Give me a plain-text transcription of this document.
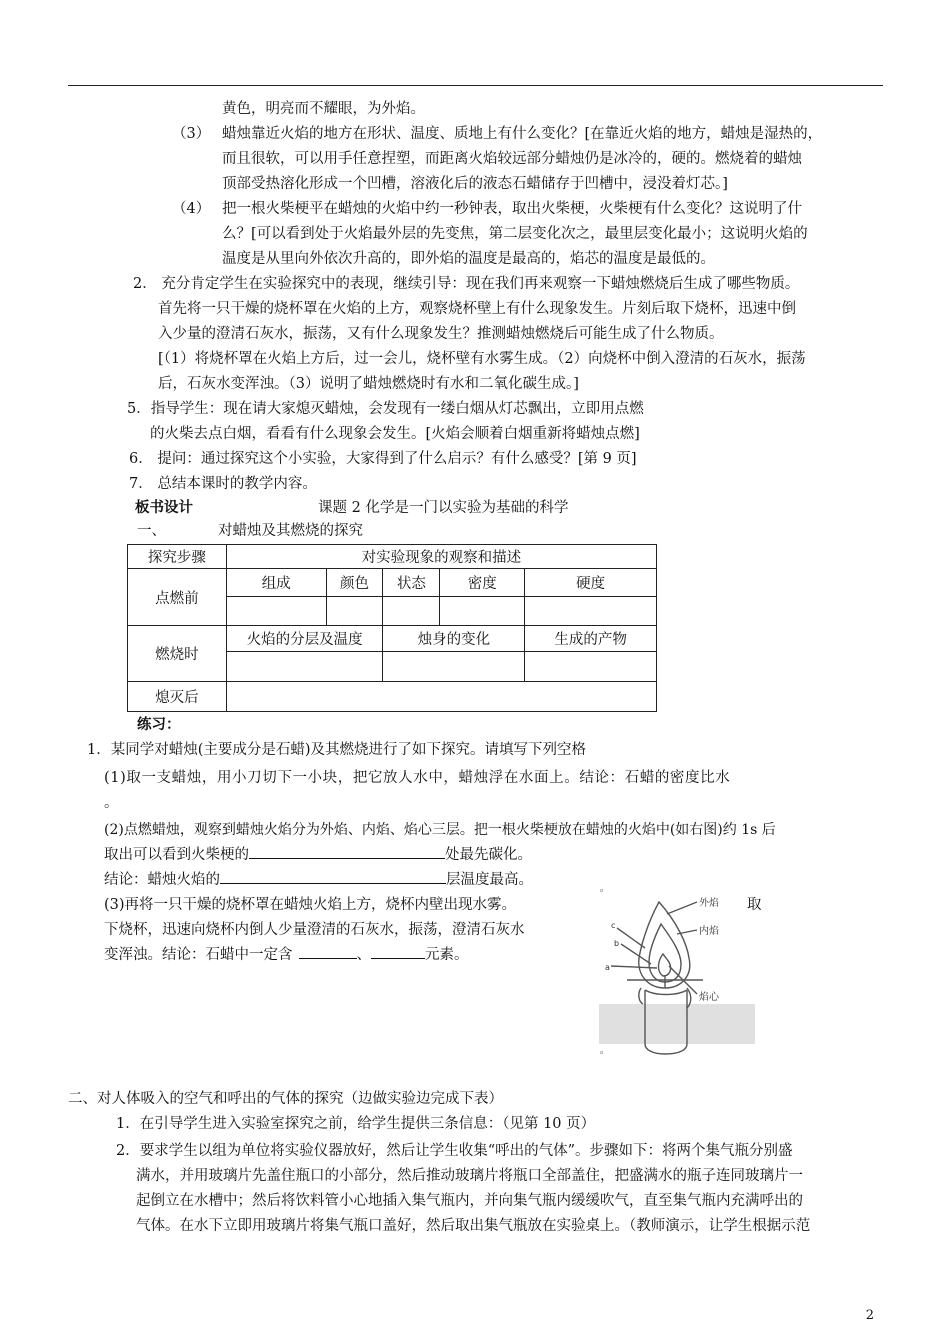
黄色，明亮而不耀眼，为外焰。
（3） 蜡烛靠近火焰的地方在形状、温度、质地上有什么变化？[在靠近火焰的地方，蜡烛是湿热的，
而且很软，可以用手任意捏塑，而距离火焰较远部分蜡烛仍是冰冷的，硬的。燃烧着的蜡烛
顶部受热溶化形成一个凹槽，溶液化后的液态石蜡储存于凹槽中，浸没着灯芯。]
（4） 把一根火柴梗平在蜡烛的火焰中约一秒钟表，取出火柴梗，火柴梗有什么变化？这说明了什
么？[可以看到处于火焰最外层的先变焦，第二层变化次之，最里层变化最小；这说明火焰的
温度是从里向外依次升高的，即外焰的温度是最高的，焰芯的温度是最低的。
2． 充分肯定学生在实验探究中的表现，继续引导：现在我们再来观察一下蜡烛燃烧后生成了哪些物质。
首先将一只干燥的烧杯罩在火焰的上方，观察烧杯壁上有什么现象发生。片刻后取下烧杯，迅速中倒
入少量的澄清石灰水，振荡，又有什么现象发生？推测蜡烛燃烧后可能生成了什么物质。
[（1）将烧杯罩在火焰上方后，过一会儿，烧杯壁有水雾生成。（2）向烧杯中倒入澄清的石灰水，振荡
后，石灰水变浑浊。（3）说明了蜡烛燃烧时有水和二氧化碳生成。]
5．指导学生：现在请大家熄灭蜡烛，会发现有一缕白烟从灯芯飘出，立即用点燃
的火柴去点白烟，看看有什么现象会发生。[火焰会顺着白烟重新将蜡烛点燃]
6． 提问：通过探究这个小实验，大家得到了什么启示？有什么感受？[第 9 页]
7． 总结本课时的教学内容。
板书设计	课题 2 化学是一门以实验为基础的科学
一、	对蜡烛及其燃烧的探究
探究步骤	对实验现象的观察和描述				
点燃前	组成	颜色	状态	密度	硬度

燃烧时	火焰的分层及温度		烛身的变化		生成的产物

熄灭后					
练习：
1．某同学对蜡烛(主要成分是石蜡)及其燃烧进行了如下探究。请填写下列空格
(1)取一支蜡烛，用小刀切下一小块，把它放人水中，蜡烛浮在水面上。结论：石蜡的密度比水
。
(2)点燃蜡烛，观察到蜡烛火焰分为外焰、内焰、焰心三层。把一根火柴梗放在蜡烛的火焰中(如右图)约 1s 后
取出可以看到火柴梗的	处最先碳化。
结论：蜡烛火焰的	层温度最高。
(3)再将一只干燥的烧杯罩在蜡烛火焰上方，烧杯内壁出现水雾。	取
下烧杯，迅速向烧杯内倒人少量澄清的石灰水，振荡，澄清石灰水
变浑浊。结论：石蜡中一定含	、	元素。
◦
◦
外焰
内焰
焰心
c
b
a
二、对人体吸入的空气和呼出的气体的探究（边做实验边完成下表）
1．在引导学生进入实验室探究之前，给学生提供三条信息：（见第 10 页）
2．要求学生以组为单位将实验仪器放好，然后让学生收集“呼出的气体”。步骤如下：将两个集气瓶分别盛
满水，并用玻璃片先盖住瓶口的小部分，然后推动玻璃片将瓶口全部盖住，把盛满水的瓶子连同玻璃片一
起倒立在水槽中；然后将饮料管小心地插入集气瓶内，并向集气瓶内缓缓吹气，直至集气瓶内充满呼出的
气体。在水下立即用玻璃片将集气瓶口盖好，然后取出集气瓶放在实验桌上。（教师演示，让学生根据示范
2
